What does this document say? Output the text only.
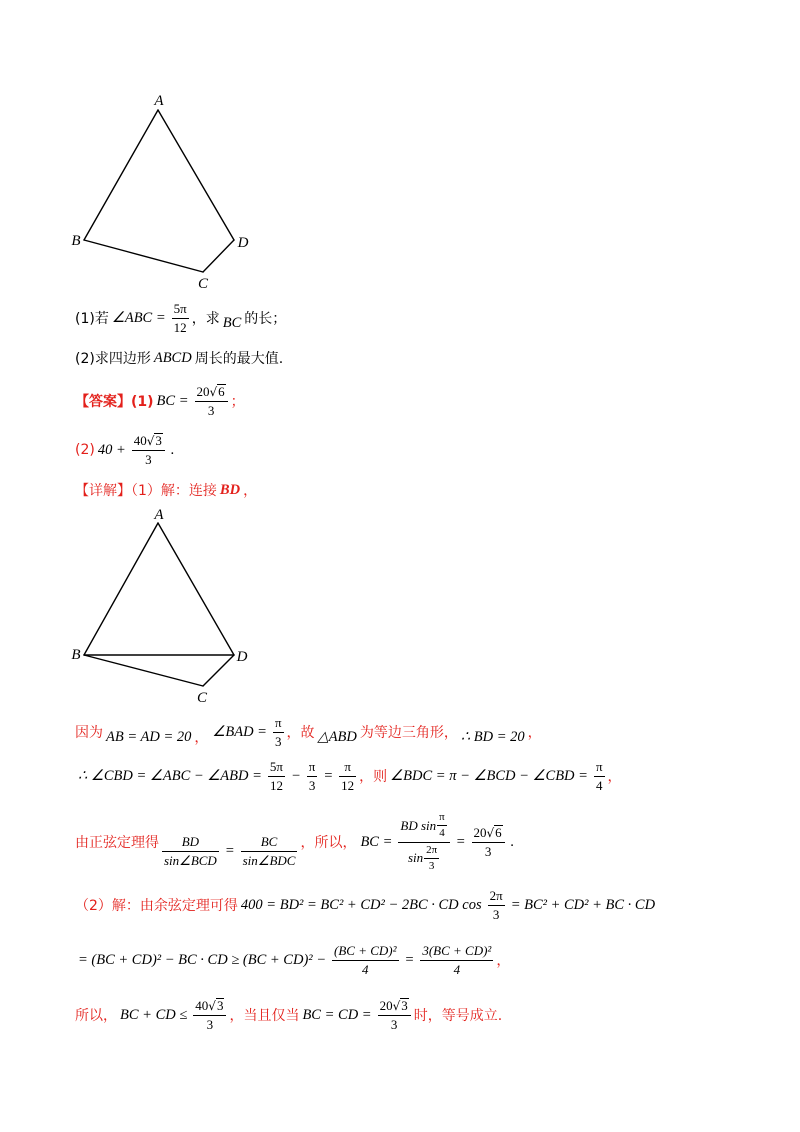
A
B	D
C
(1)若 ∠ABC = $\frac{5\pi}{12}$ ，求 BC 的长；
(2)求四边形 ABCD 周长的最大值.
【答案】(1) BC = $\frac{20 √ 6}{3}$ ；
(2) $40 + \frac{40 √ 3}{3}$ .
【详解】（1）解：连接 BD ，
A
B	D
C
因为 AB = AD = 20 ， ∠BAD = $\frac{\pi}{3}$ ，故 △ABD 为等边三角形， ∴ BD = 20 ，
∴ ∠CBD = ∠ABC − ∠ABD = $\frac{5\pi}{12} - \frac{\pi}{3} = \frac{\pi}{12}$ ，则 ∠BDC = π − ∠BCD − ∠CBD = $\frac{\pi}{4}$ ，
由正弦定理得 $\frac{BD}{\text{sin∠BCD}} = \frac{BC}{\text{sin∠BDC}}$ ，所以， BC = $\frac{BD \sin \frac{\pi}{4}}{\sin \frac{2\pi}{3}} = \frac{20 √ 6}{3}$ .
（2）解：由余弦定理可得 400 = BD² = BC² + CD² − 2BC · CD $\cos \frac{2\pi}{3} = BC^2 + CD^2$ + BC · CD
= (BC + CD)² − BC · CD ≥ $(BC + CD)^2 - \frac{\text{(BC + CD)²}}{4} = \frac{\text{3(BC + CD)²}}{4}$ ，
所以， BC + CD ≤ $\frac{40 √ 3}{3}$ ，当且仅当 BC = CD = $\frac{20 √ 3}{3}$ 时，等号成立.
